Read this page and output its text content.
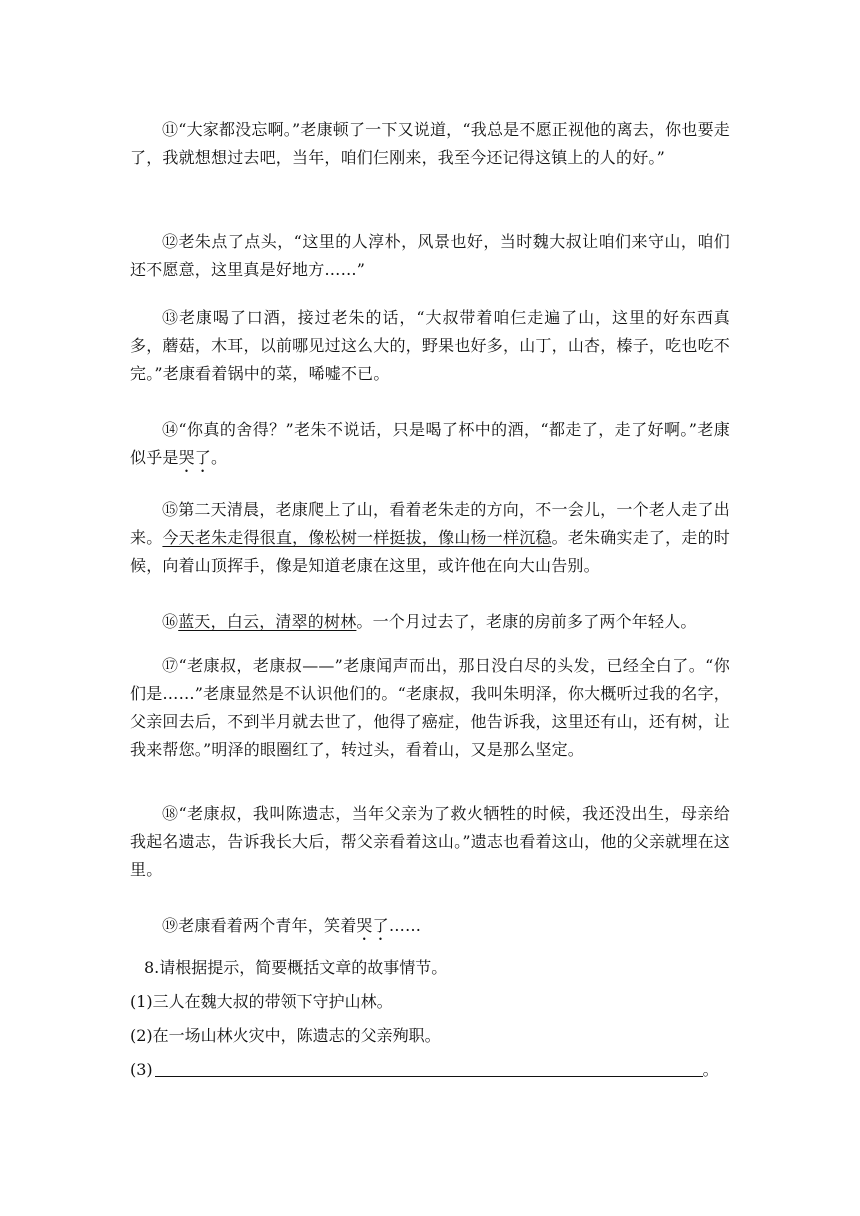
⑪“大家都没忘啊。”老康顿了一下又说道，“我总是不愿正视他的离去，你也要走了，我就想想过去吧，当年，咱们仨刚来，我至今还记得这镇上的人的好。”

⑫老朱点了点头，“这里的人淳朴，风景也好，当时魏大叔让咱们来守山，咱们还不愿意，这里真是好地方……”

⑬老康喝了口酒，接过老朱的话，“大叔带着咱仨走遍了山，这里的好东西真多，蘑菇，木耳，以前哪见过这么大的，野果也好多，山丁，山杏，榛子，吃也吃不完。”老康看着锅中的菜，唏嘘不已。

⑭“你真的舍得？”老朱不说话，只是喝了杯中的酒，“都走了，走了好啊。”老康似乎是哭了。

⑮第二天清晨，老康爬上了山，看着老朱走的方向，不一会儿，一个老人走了出来。今天老朱走得很直，像松树一样挺拔，像山杨一样沉稳。老朱确实走了，走的时候，向着山顶挥手，像是知道老康在这里，或许他在向大山告别。

⑯蓝天，白云，清翠的树林。一个月过去了，老康的房前多了两个年轻人。

⑰“老康叔，老康叔——”老康闻声而出，那日没白尽的头发，已经全白了。“你们是……”老康显然是不认识他们的。“老康叔，我叫朱明泽，你大概听过我的名字，父亲回去后，不到半月就去世了，他得了癌症，他告诉我，这里还有山，还有树，让我来帮您。”明泽的眼圈红了，转过头，看着山，又是那么坚定。

⑱“老康叔，我叫陈遗志，当年父亲为了救火牺牲的时候，我还没出生，母亲给我起名遗志，告诉我长大后，帮父亲看着这山。”遗志也看着这山，他的父亲就埋在这里。

⑲老康看着两个青年，笑着哭了……

8.请根据提示，简要概括文章的故事情节。
(1)三人在魏大叔的带领下守护山林。
(2)在一场山林火灾中，陈遗志的父亲殉职。
(3)	。
